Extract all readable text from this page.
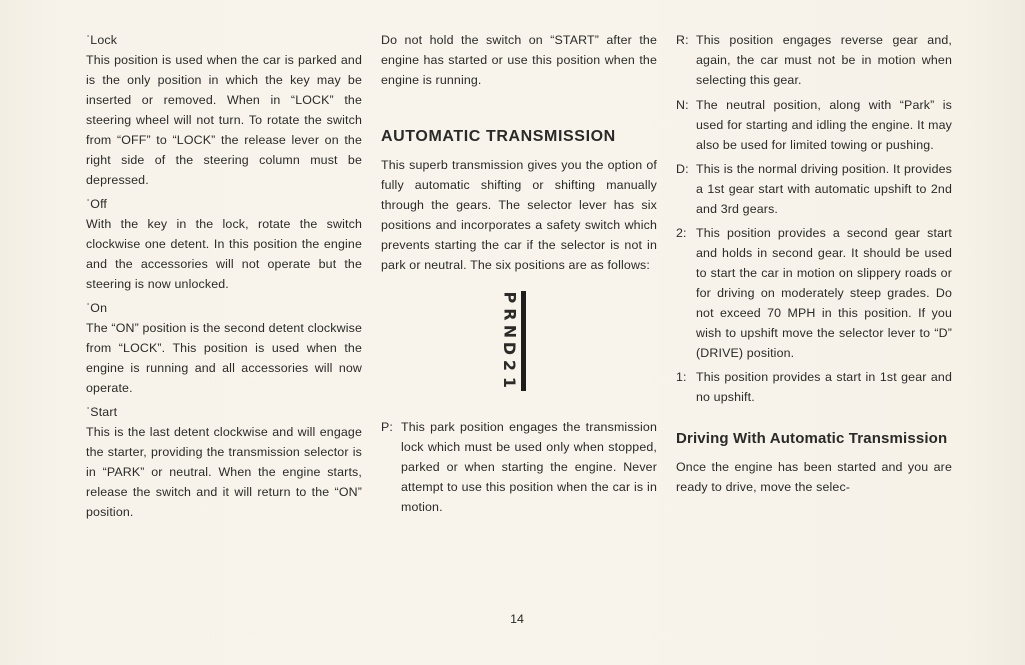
ˈLock

This position is used when the car is parked and is the only position in which the key may be inserted or removed. When in “LOCK” the steering wheel will not turn. To rotate the switch from “OFF” to “LOCK” the release lever on the right side of the steering column must be depressed.

ˈOff

With the key in the lock, rotate the switch clockwise one detent. In this position the engine and the accessories will not operate but the steering is now unlocked.

ˈOn

The “ON” position is the second detent clockwise from “LOCK”. This position is used when the engine is running and all accessories will now operate.

ˈStart

This is the last detent clockwise and will engage the starter, providing the transmission selector is in “PARK” or neutral. When the engine starts, release the switch and it will return to the “ON” position.

Do not hold the switch on “START” after the engine has started or use this position when the engine is running.

AUTOMATIC TRANSMISSION

This superb transmission gives you the option of fully automatic shifting or shifting manually through the gears. The selector lever has six positions and incorporates a safety switch which prevents starting the car if the selector is not in park or neutral. The six positions are as follows:

P
R
N
D
2
1
P: This park position engages the transmission lock which must be used only when stopped, parked or when starting the engine. Never attempt to use this position when the car is in motion.
R: This position engages reverse gear and, again, the car must not be in motion when selecting this gear.
N: The neutral position, along with “Park” is used for starting and idling the engine. It may also be used for limited towing or pushing.
D: This is the normal driving position. It provides a 1st gear start with automatic upshift to 2nd and 3rd gears.
2: This position provides a second gear start and holds in second gear. It should be used to start the car in motion on slippery roads or for driving on moderately steep grades. Do not exceed 70 MPH in this position. If you wish to upshift move the selector lever to “D” (DRIVE) position.
1: This position provides a start in 1st gear and no upshift.

Driving With Automatic Transmission

Once the engine has been started and you are ready to drive, move the selec-

14
